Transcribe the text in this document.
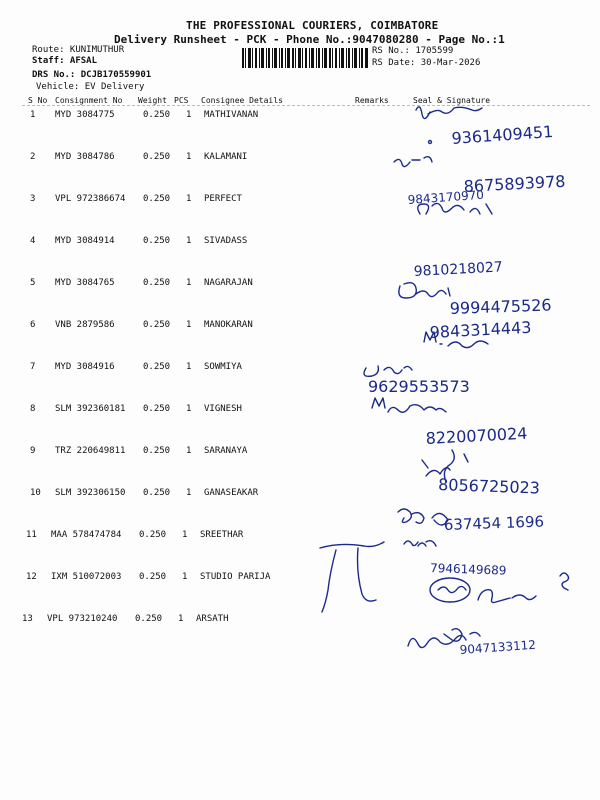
THE PROFESSIONAL COURIERS, COIMBATORE
Delivery Runsheet - PCK - Phone No.:9047080280 - Page No.:1
Route: KUNIMUTHUR
Staff: AFSAL
DRS No.: DCJB170559901
Vehicle: EV Delivery
RS No.: 1705599
RS Date: 30-Mar-2026
S No Consignment No Weight PCS Consignee Details	Remarks	Seal & Signature
1 MYD 3084775	0.250 1 MATHIVANAN
2 MYD 3084786	0.250 1 KALAMANI
3 VPL 972386674 0.250 1 PERFECT
4 MYD 3084914	0.250 1 SIVADASS
5 MYD 3084765	0.250 1 NAGARAJAN
6 VNB 2879586	0.250 1 MANOKARAN
7 MYD 3084916	0.250 1 SOWMIYA
8 SLM 392360181 0.250 1 VIGNESH
9 TRZ 220649811 0.250 1 SARANAYA
10 SLM 392306150 0.250 1 GANASEAKAR
11 MAA 578474784 0.250 1 SREETHAR
12 IXM 510072003 0.250 1 STUDIO PARIJA
13 VPL 973210240 0.250 1 ARSATH
9361409451
8675893978
9843170970
9810218027
9994475526
9843314443
9629553573
8220070024
8056725023
637454 1696
7946149689
9047133112
